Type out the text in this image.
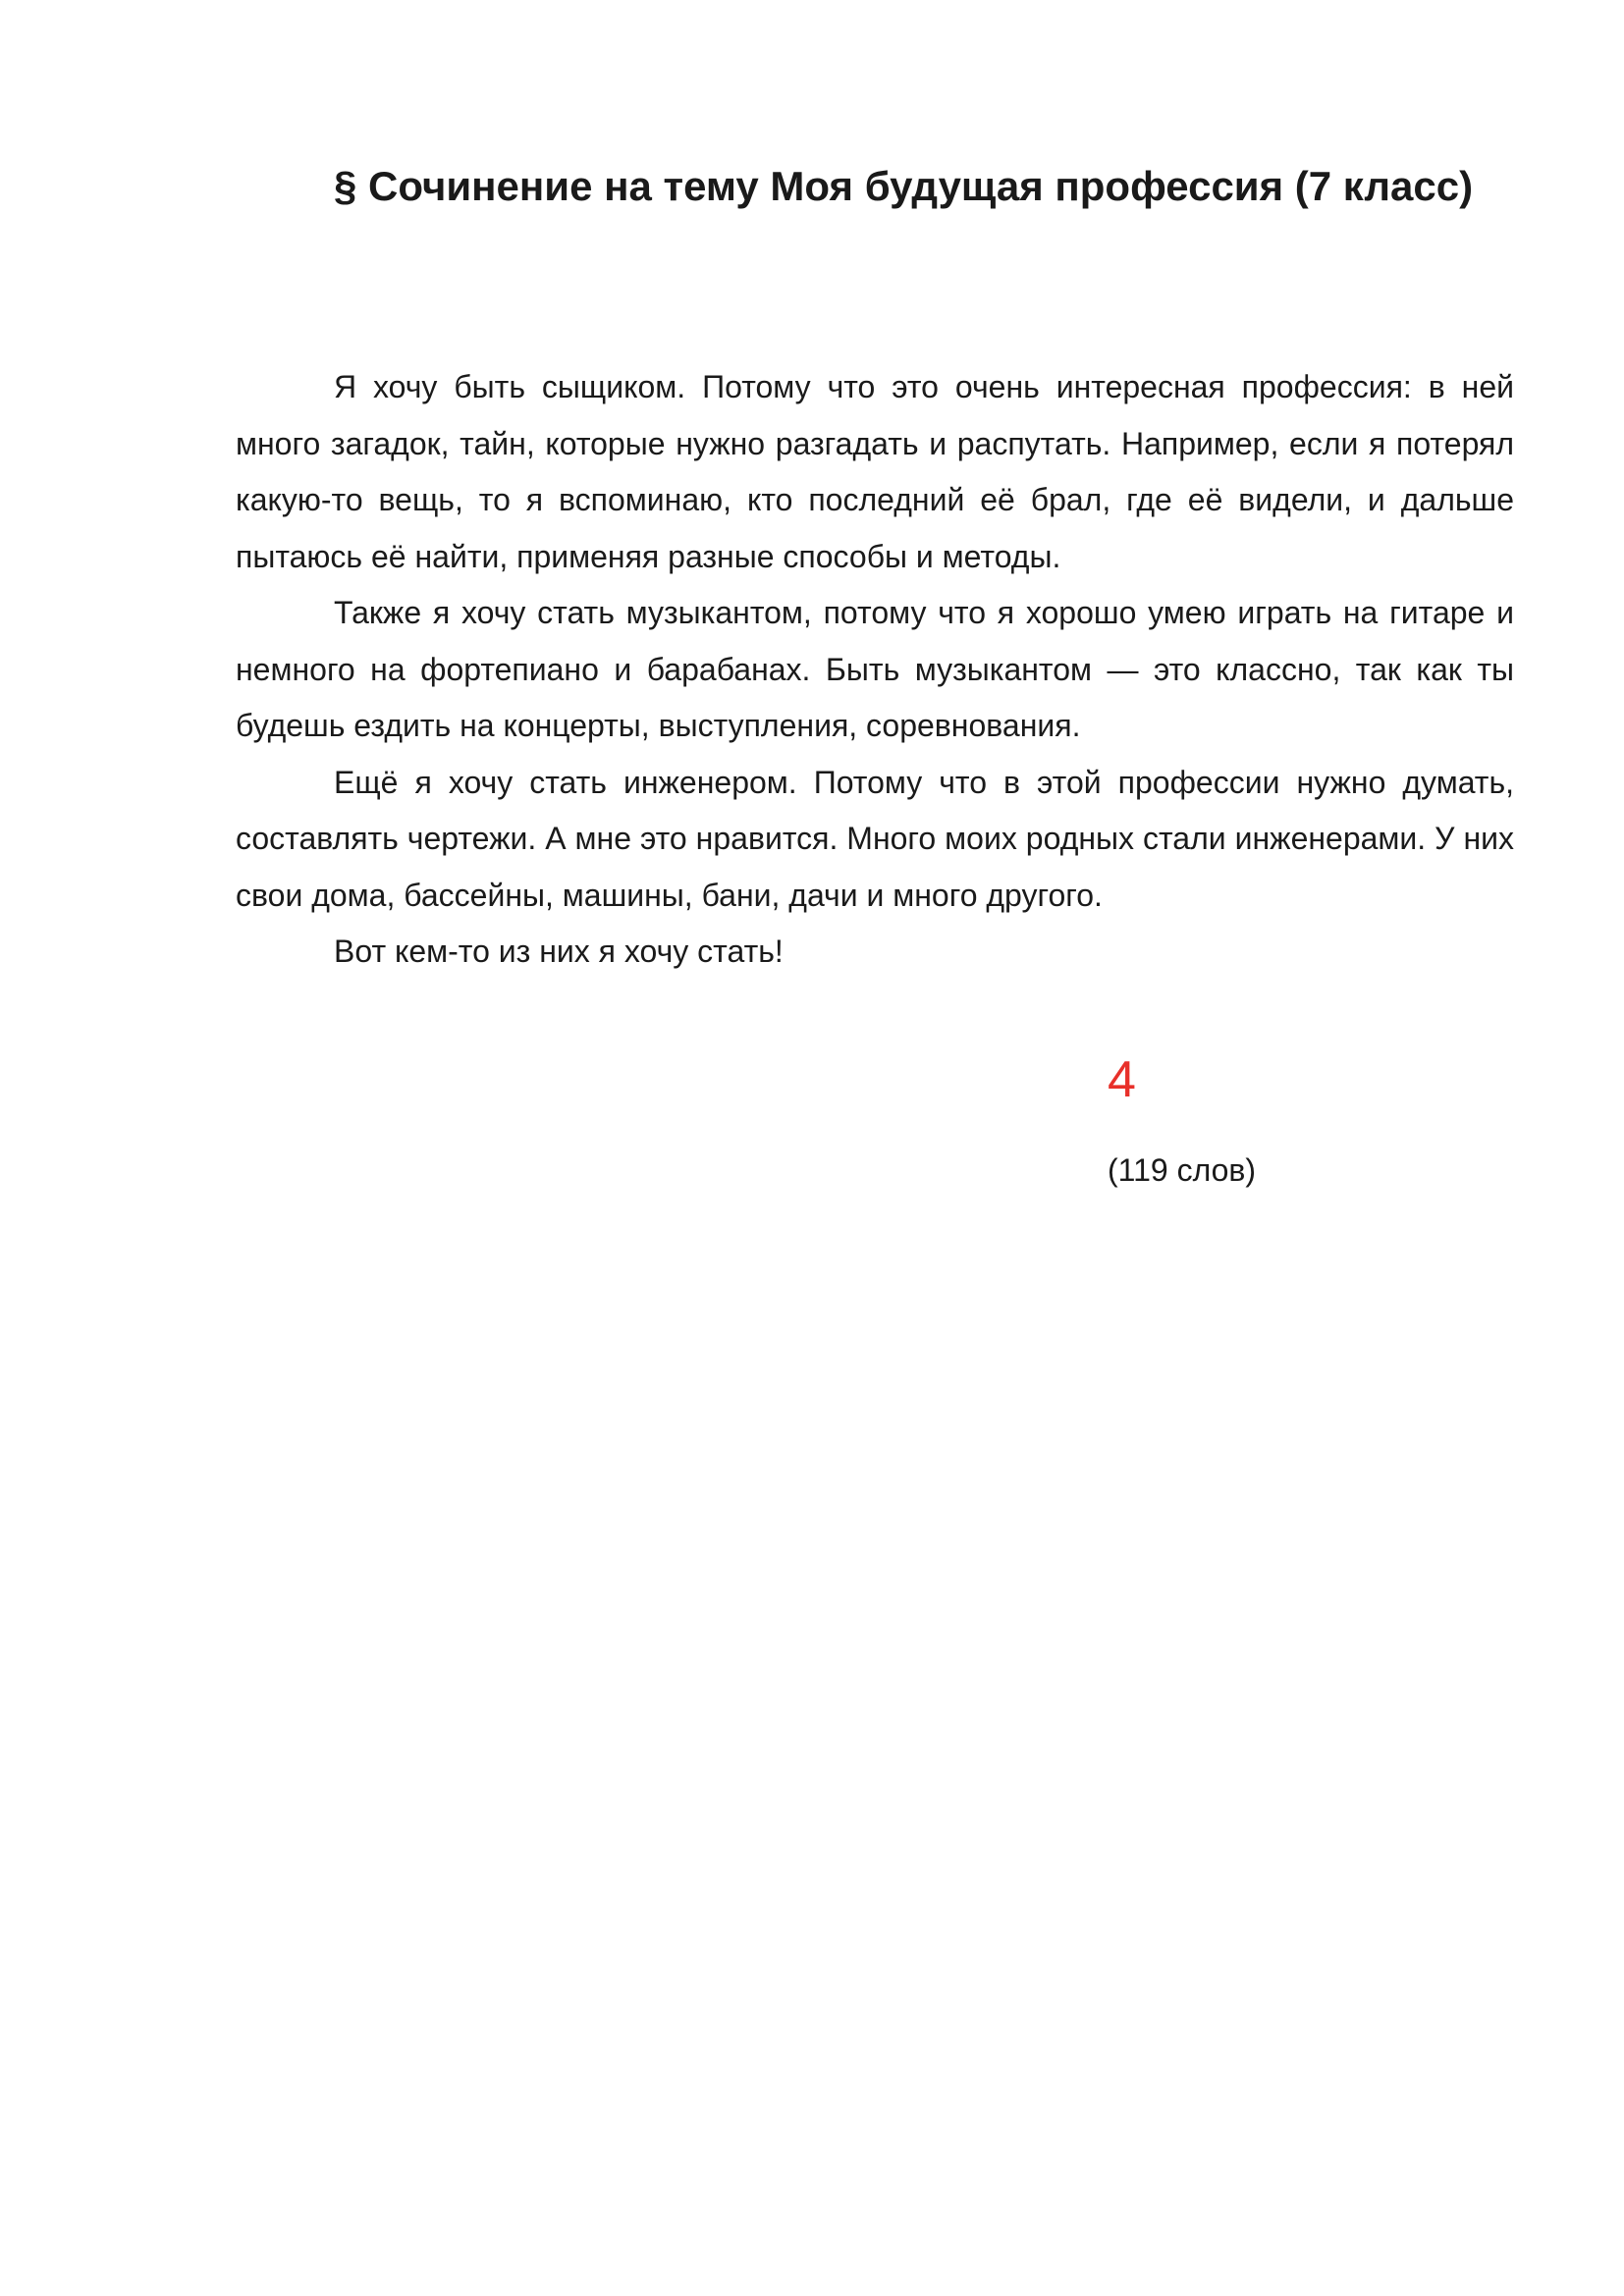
§ Сочинение на тему Моя будущая профессия (7 класс)

Я хочу быть сыщиком. Потому что это очень интересная профессия: в ней много загадок, тайн, которые нужно разгадать и распутать. Например, если я потерял какую-то вещь, то я вспоминаю, кто последний её брал, где её видели, и дальше пытаюсь её найти, применяя разные способы и методы.

Также я хочу стать музыкантом, потому что я хорошо умею играть на гитаре и немного на фортепиано и барабанах. Быть музыкантом — это классно, так как ты будешь ездить на концерты, выступления, соревнования.

Ещё я хочу стать инженером. Потому что в этой профессии нужно думать, составлять чертежи. А мне это нравится. Много моих родных стали инженерами. У них свои дома, бассейны, машины, бани, дачи и много другого.

Вот кем-то из них я хочу стать!

4
(119 слов)
